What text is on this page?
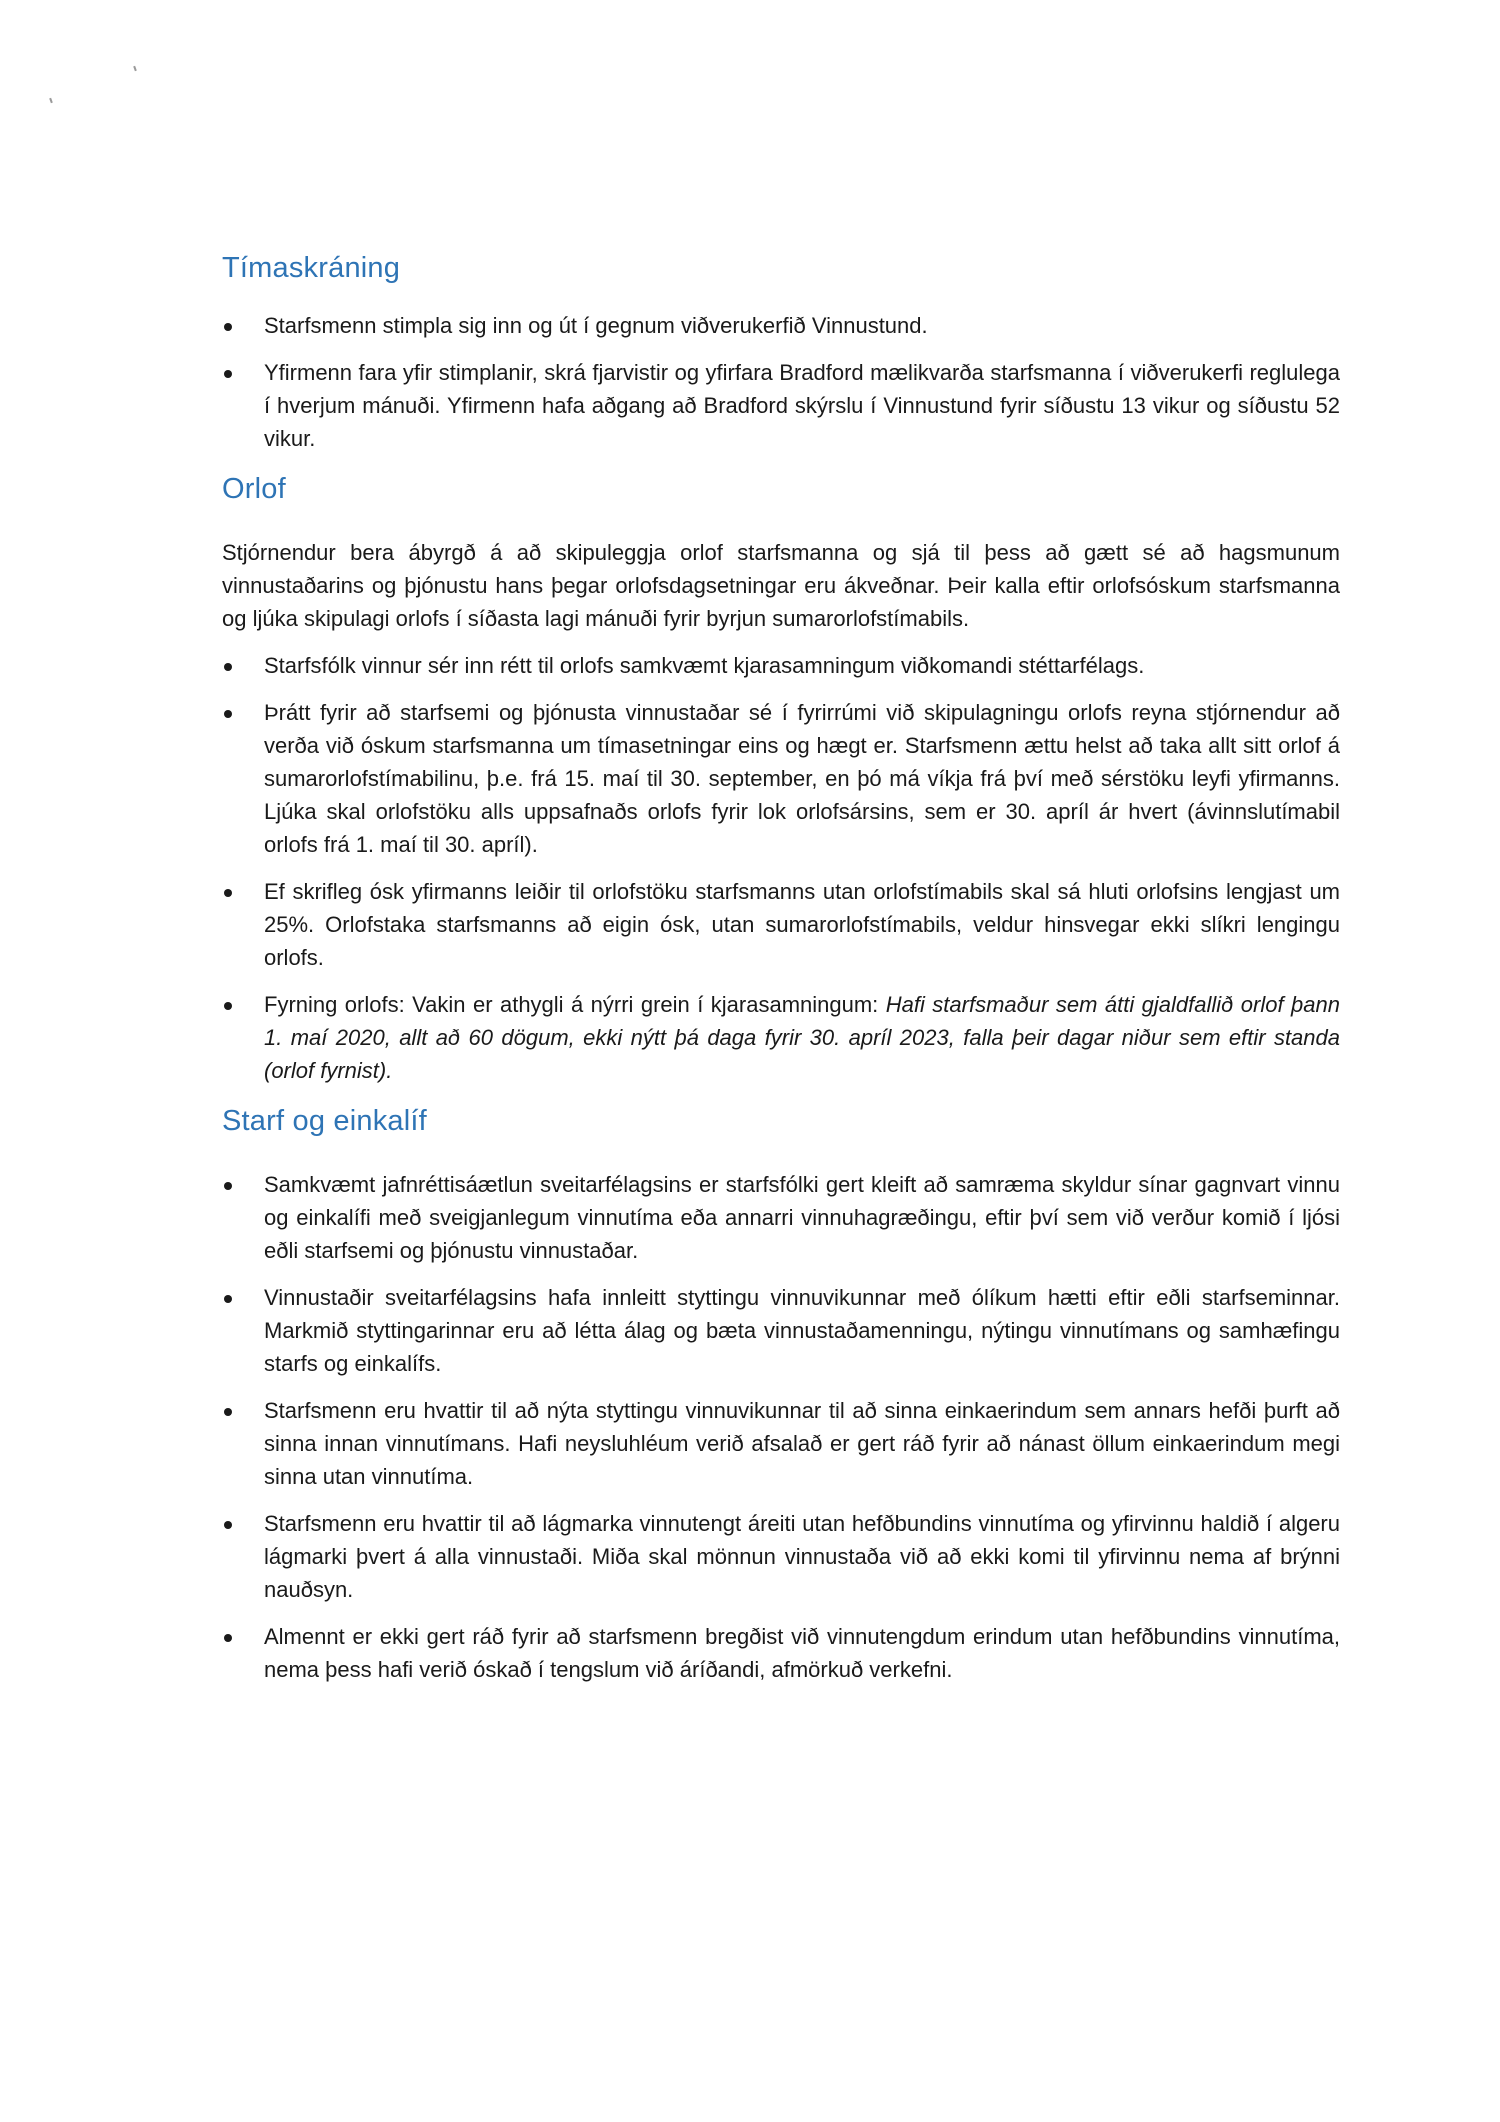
Tímaskráning
Starfsmenn stimpla sig inn og út í gegnum viðverukerfið Vinnustund.
Yfirmenn fara yfir stimplanir, skrá fjarvistir og yfirfara Bradford mælikvarða starfsmanna í viðverukerfi reglulega í hverjum mánuði. Yfirmenn hafa aðgang að Bradford skýrslu í Vinnustund fyrir síðustu 13 vikur og síðustu 52 vikur.
Orlof

Stjórnendur bera ábyrgð á að skipuleggja orlof starfsmanna og sjá til þess að gætt sé að hagsmunum vinnustaðarins og þjónustu hans þegar orlofsdagsetningar eru ákveðnar. Þeir kalla eftir orlofsóskum starfsmanna og ljúka skipulagi orlofs í síðasta lagi mánuði fyrir byrjun sumarorlofstímabils.

Starfsfólk vinnur sér inn rétt til orlofs samkvæmt kjarasamningum viðkomandi stéttarfélags.
Þrátt fyrir að starfsemi og þjónusta vinnustaðar sé í fyrirrúmi við skipulagningu orlofs reyna stjórnendur að verða við óskum starfsmanna um tímasetningar eins og hægt er. Starfsmenn ættu helst að taka allt sitt orlof á sumarorlofstímabilinu, þ.e. frá 15. maí til 30. september, en þó má víkja frá því með sérstöku leyfi yfirmanns. Ljúka skal orlofstöku alls uppsafnaðs orlofs fyrir lok orlofsársins, sem er 30. apríl ár hvert (ávinnslutímabil orlofs frá 1. maí til 30. apríl).
Ef skrifleg ósk yfirmanns leiðir til orlofstöku starfsmanns utan orlofstímabils skal sá hluti orlofsins lengjast um 25%. Orlofstaka starfsmanns að eigin ósk, utan sumarorlofstímabils, veldur hinsvegar ekki slíkri lengingu orlofs.
Fyrning orlofs: Vakin er athygli á nýrri grein í kjarasamningum: Hafi starfsmaður sem átti gjaldfallið orlof þann 1. maí 2020, allt að 60 dögum, ekki nýtt þá daga fyrir 30. apríl 2023, falla þeir dagar niður sem eftir standa (orlof fyrnist).
Starf og einkalíf
Samkvæmt jafnréttisáætlun sveitarfélagsins er starfsfólki gert kleift að samræma skyldur sínar gagnvart vinnu og einkalífi með sveigjanlegum vinnutíma eða annarri vinnuhagræðingu, eftir því sem við verður komið í ljósi eðli starfsemi og þjónustu vinnustaðar.
Vinnustaðir sveitarfélagsins hafa innleitt styttingu vinnuvikunnar með ólíkum hætti eftir eðli starfseminnar. Markmið styttingarinnar eru að létta álag og bæta vinnustaðamenningu, nýtingu vinnutímans og samhæfingu starfs og einkalífs.
Starfsmenn eru hvattir til að nýta styttingu vinnuvikunnar til að sinna einkaerindum sem annars hefði þurft að sinna innan vinnutímans. Hafi neysluhléum verið afsalað er gert ráð fyrir að nánast öllum einkaerindum megi sinna utan vinnutíma.
Starfsmenn eru hvattir til að lágmarka vinnutengt áreiti utan hefðbundins vinnutíma og yfirvinnu haldið í algeru lágmarki þvert á alla vinnustaði. Miða skal mönnun vinnustaða við að ekki komi til yfirvinnu nema af brýnni nauðsyn.
Almennt er ekki gert ráð fyrir að starfsmenn bregðist við vinnutengdum erindum utan hefðbundins vinnutíma, nema þess hafi verið óskað í tengslum við áríðandi, afmörkuð verkefni.
